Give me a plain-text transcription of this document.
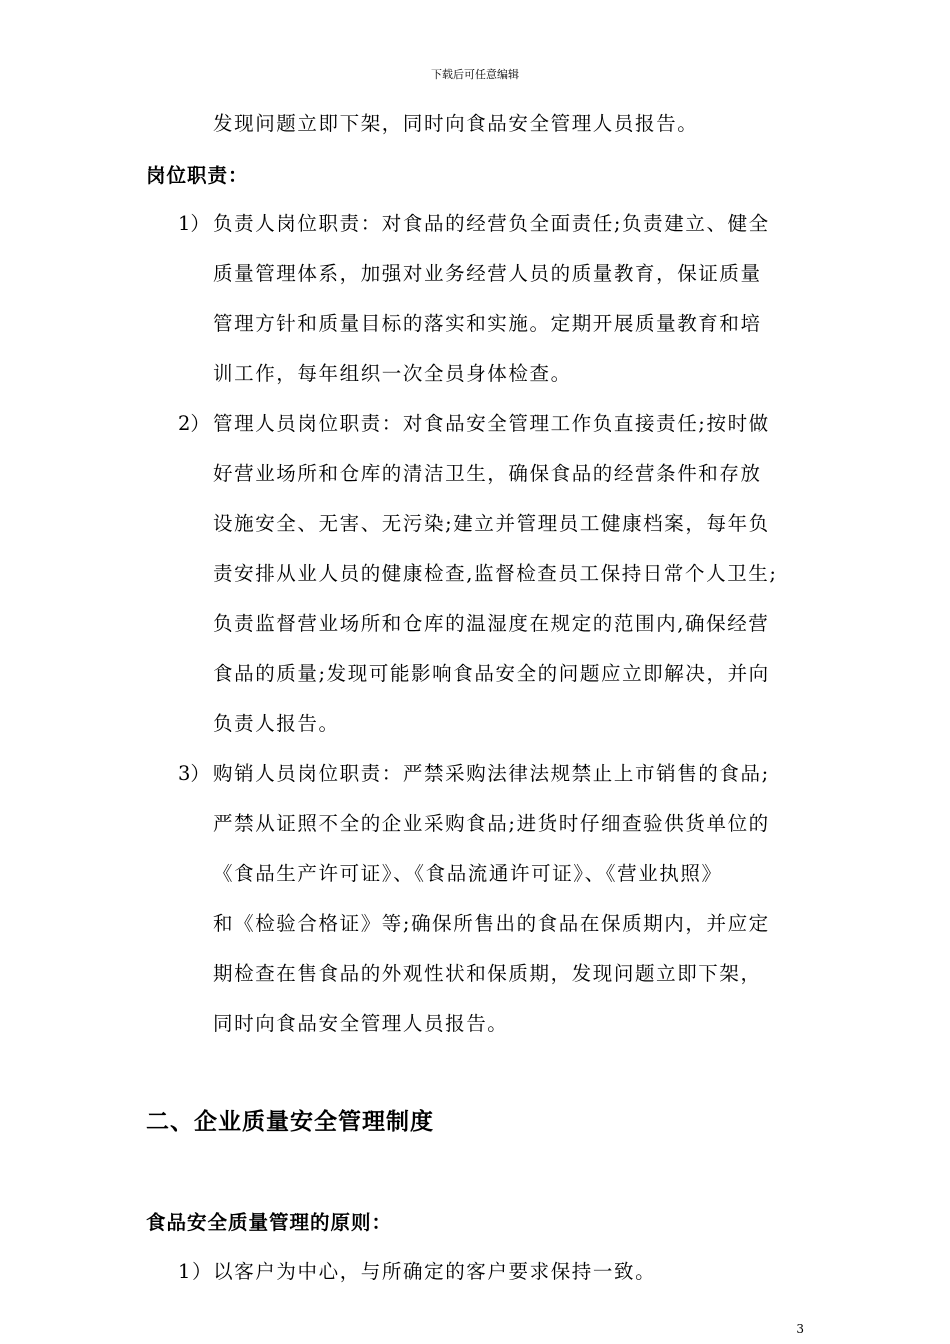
下载后可任意编辑
发现问题立即下架，同时向食品安全管理人员报告。
岗位职责：
1） 负责人岗位职责：对食品的经营负全面责任;负责建立、健全
质量管理体系，加强对业务经营人员的质量教育，保证质量
管理方针和质量目标的落实和实施。定期开展质量教育和培
训工作，每年组织一次全员身体检查。
2） 管理人员岗位职责：对食品安全管理工作负直接责任;按时做
好营业场所和仓库的清洁卫生，确保食品的经营条件和存放
设施安全、无害、无污染;建立并管理员工健康档案，每年负
责安排从业人员的健康检查,监督检查员工保持日常个人卫生;
负责监督营业场所和仓库的温湿度在规定的范围内,确保经营
食品的质量;发现可能影响食品安全的问题应立即解决，并向
负责人报告。
3） 购销人员岗位职责：严禁采购法律法规禁止上市销售的食品;
严禁从证照不全的企业采购食品;进货时仔细查验供货单位的
《食品生产许可证》、《食品流通许可证》、《营业执照》
和《检验合格证》等;确保所售出的食品在保质期内，并应定
期检查在售食品的外观性状和保质期，发现问题立即下架，
同时向食品安全管理人员报告。
二、企业质量安全管理制度
食品安全质量管理的原则：
1）以客户为中心，与所确定的客户要求保持一致。
3
